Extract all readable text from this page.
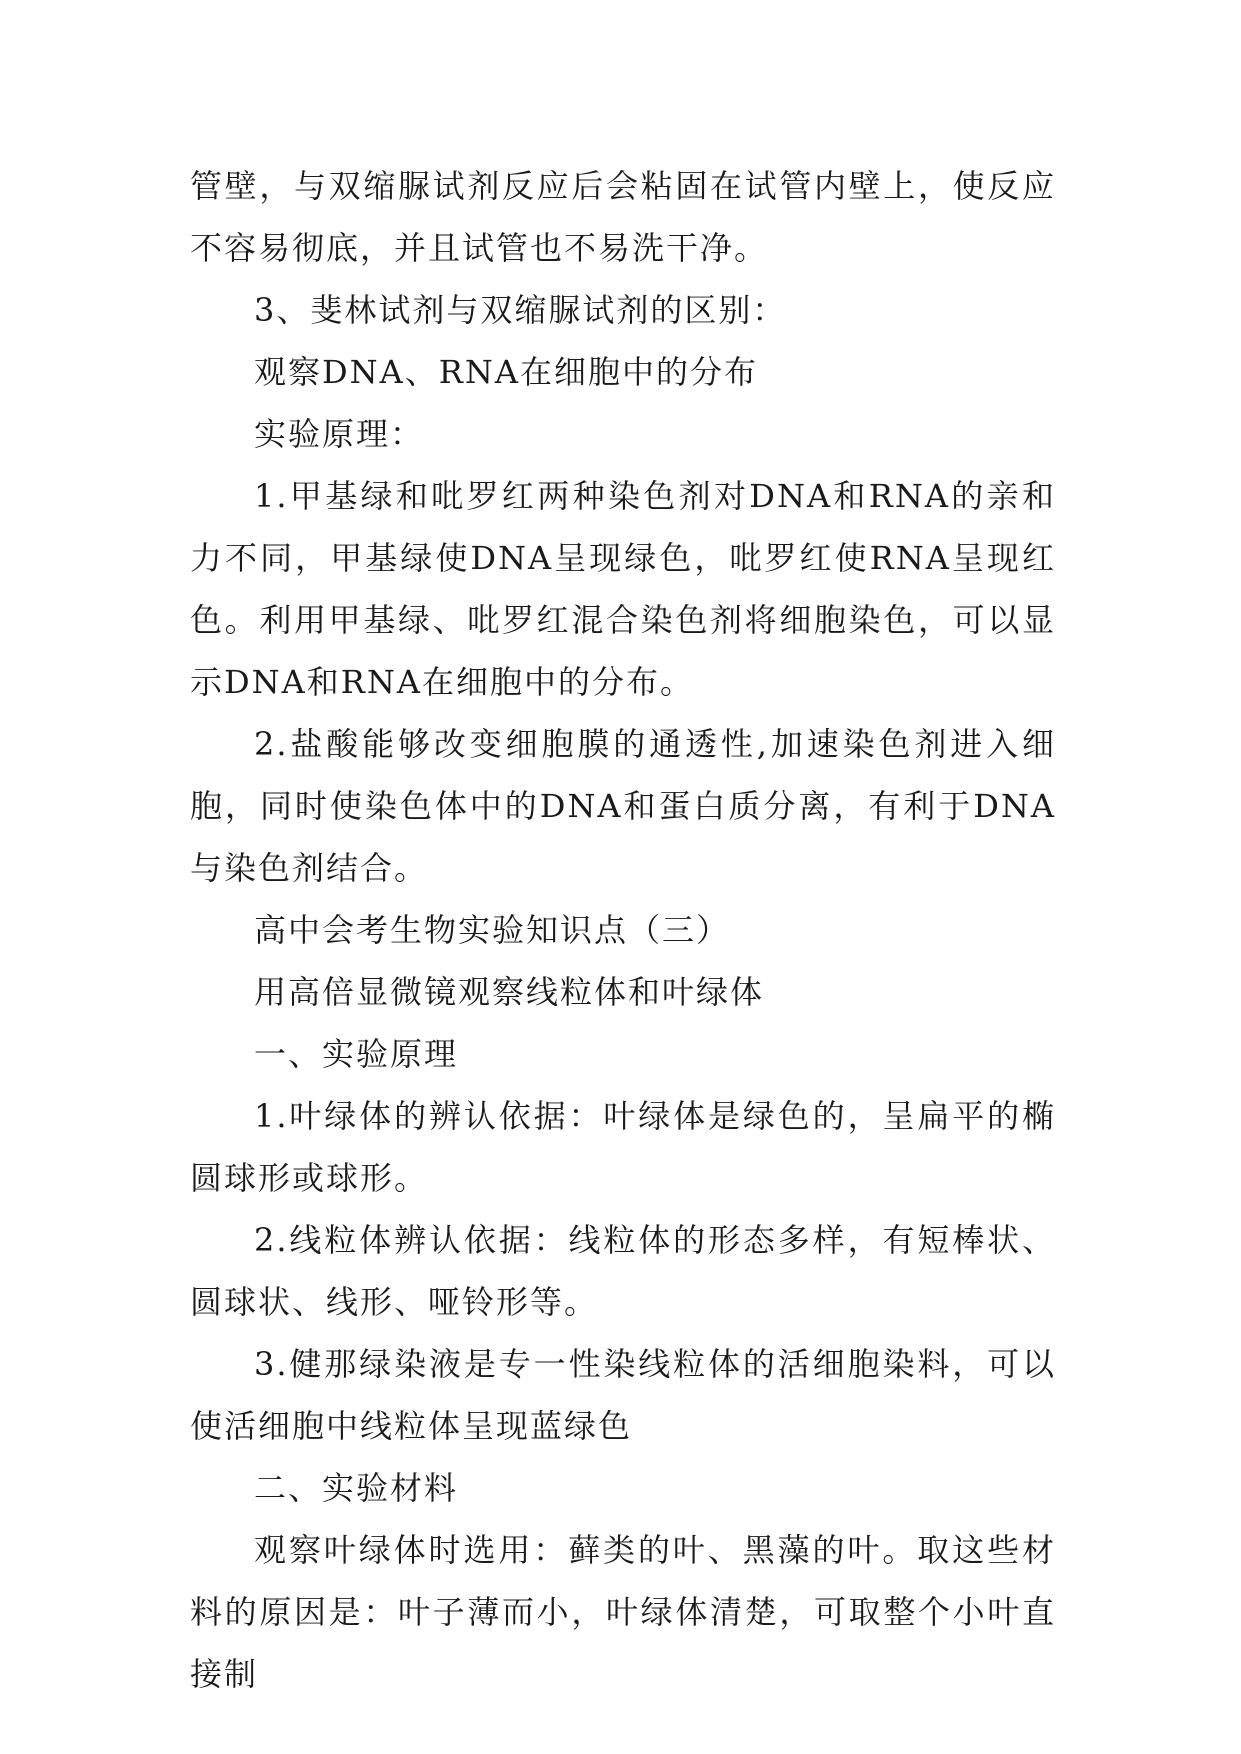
管壁，与双缩脲试剂反应后会粘固在试管内壁上，使反应不容易彻底，并且试管也不易洗干净。

3、斐林试剂与双缩脲试剂的区别：

观察DNA、RNA在细胞中的分布

实验原理：

1.甲基绿和吡罗红两种染色剂对DNA和RNA的亲和力不同，甲基绿使DNA呈现绿色，吡罗红使RNA呈现红色。利用甲基绿、吡罗红混合染色剂将细胞染色，可以显示DNA和RNA在细胞中的分布。

2.盐酸能够改变细胞膜的通透性,加速染色剂进入细胞，同时使染色体中的DNA和蛋白质分离，有利于DNA与染色剂结合。

高中会考生物实验知识点（三）

用高倍显微镜观察线粒体和叶绿体

一、实验原理

1.叶绿体的辨认依据：叶绿体是绿色的，呈扁平的椭圆球形或球形。

2.线粒体辨认依据：线粒体的形态多样，有短棒状、圆球状、线形、哑铃形等。

3.健那绿染液是专一性染线粒体的活细胞染料，可以使活细胞中线粒体呈现蓝绿色

二、实验材料

观察叶绿体时选用：藓类的叶、黑藻的叶。取这些材料的原因是：叶子薄而小，叶绿体清楚，可取整个小叶直接制
